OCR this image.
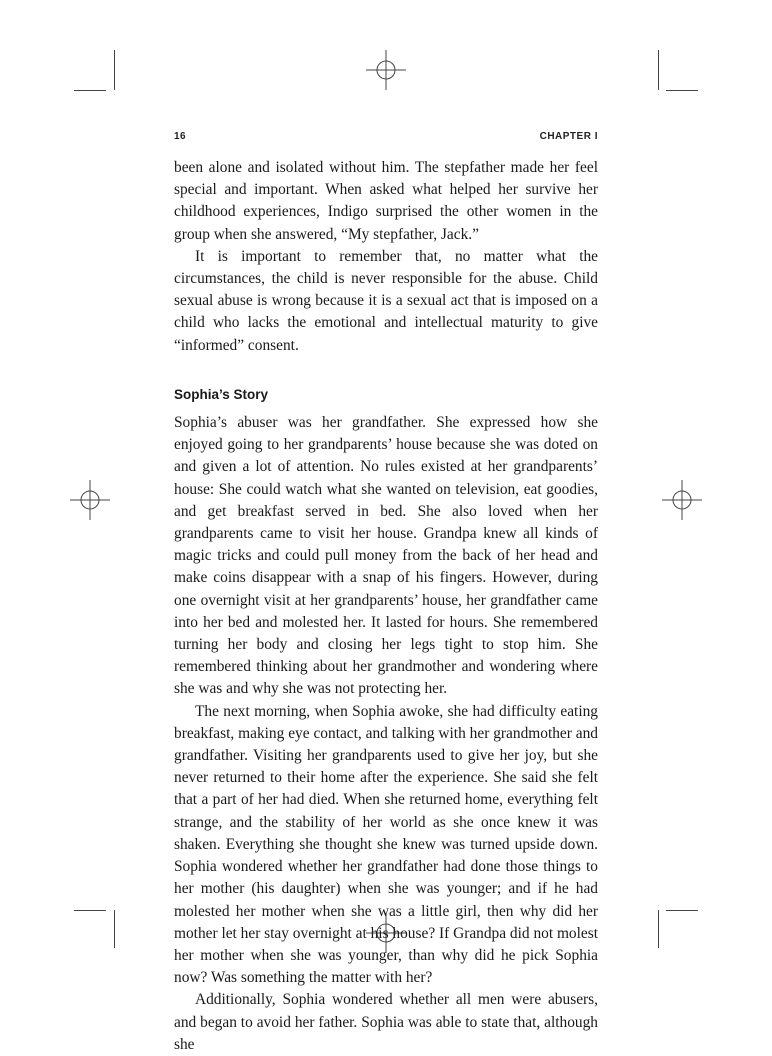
16	CHAPTER I

been alone and isolated without him. The stepfather made her feel special and important. When asked what helped her survive her childhood experiences, Indigo surprised the other women in the group when she answered, “My stepfather, Jack.”

It is important to remember that, no matter what the circumstances, the child is never responsible for the abuse. Child sexual abuse is wrong because it is a sexual act that is imposed on a child who lacks the emotional and intellectual maturity to give “informed” consent.

Sophia’s Story

Sophia’s abuser was her grandfather. She expressed how she enjoyed going to her grandparents’ house because she was doted on and given a lot of attention. No rules existed at her grandparents’ house: She could watch what she wanted on television, eat goodies, and get breakfast served in bed. She also loved when her grandparents came to visit her house. Grandpa knew all kinds of magic tricks and could pull money from the back of her head and make coins disappear with a snap of his fingers. However, during one overnight visit at her grandparents’ house, her grandfather came into her bed and molested her. It lasted for hours. She remembered turning her body and closing her legs tight to stop him. She remembered thinking about her grandmother and wondering where she was and why she was not protecting her.

The next morning, when Sophia awoke, she had difficulty eating breakfast, making eye contact, and talking with her grandmother and grandfather. Visiting her grandparents used to give her joy, but she never returned to their home after the experience. She said she felt that a part of her had died. When she returned home, everything felt strange, and the stability of her world as she once knew it was shaken. Everything she thought she knew was turned upside down. Sophia wondered whether her grandfather had done those things to her mother (his daughter) when she was younger; and if he had molested her mother when she was a little girl, then why did her mother let her stay overnight at his house? If Grandpa did not molest her mother when she was younger, than why did he pick Sophia now? Was something the matter with her?

Additionally, Sophia wondered whether all men were abusers, and began to avoid her father. Sophia was able to state that, although she
